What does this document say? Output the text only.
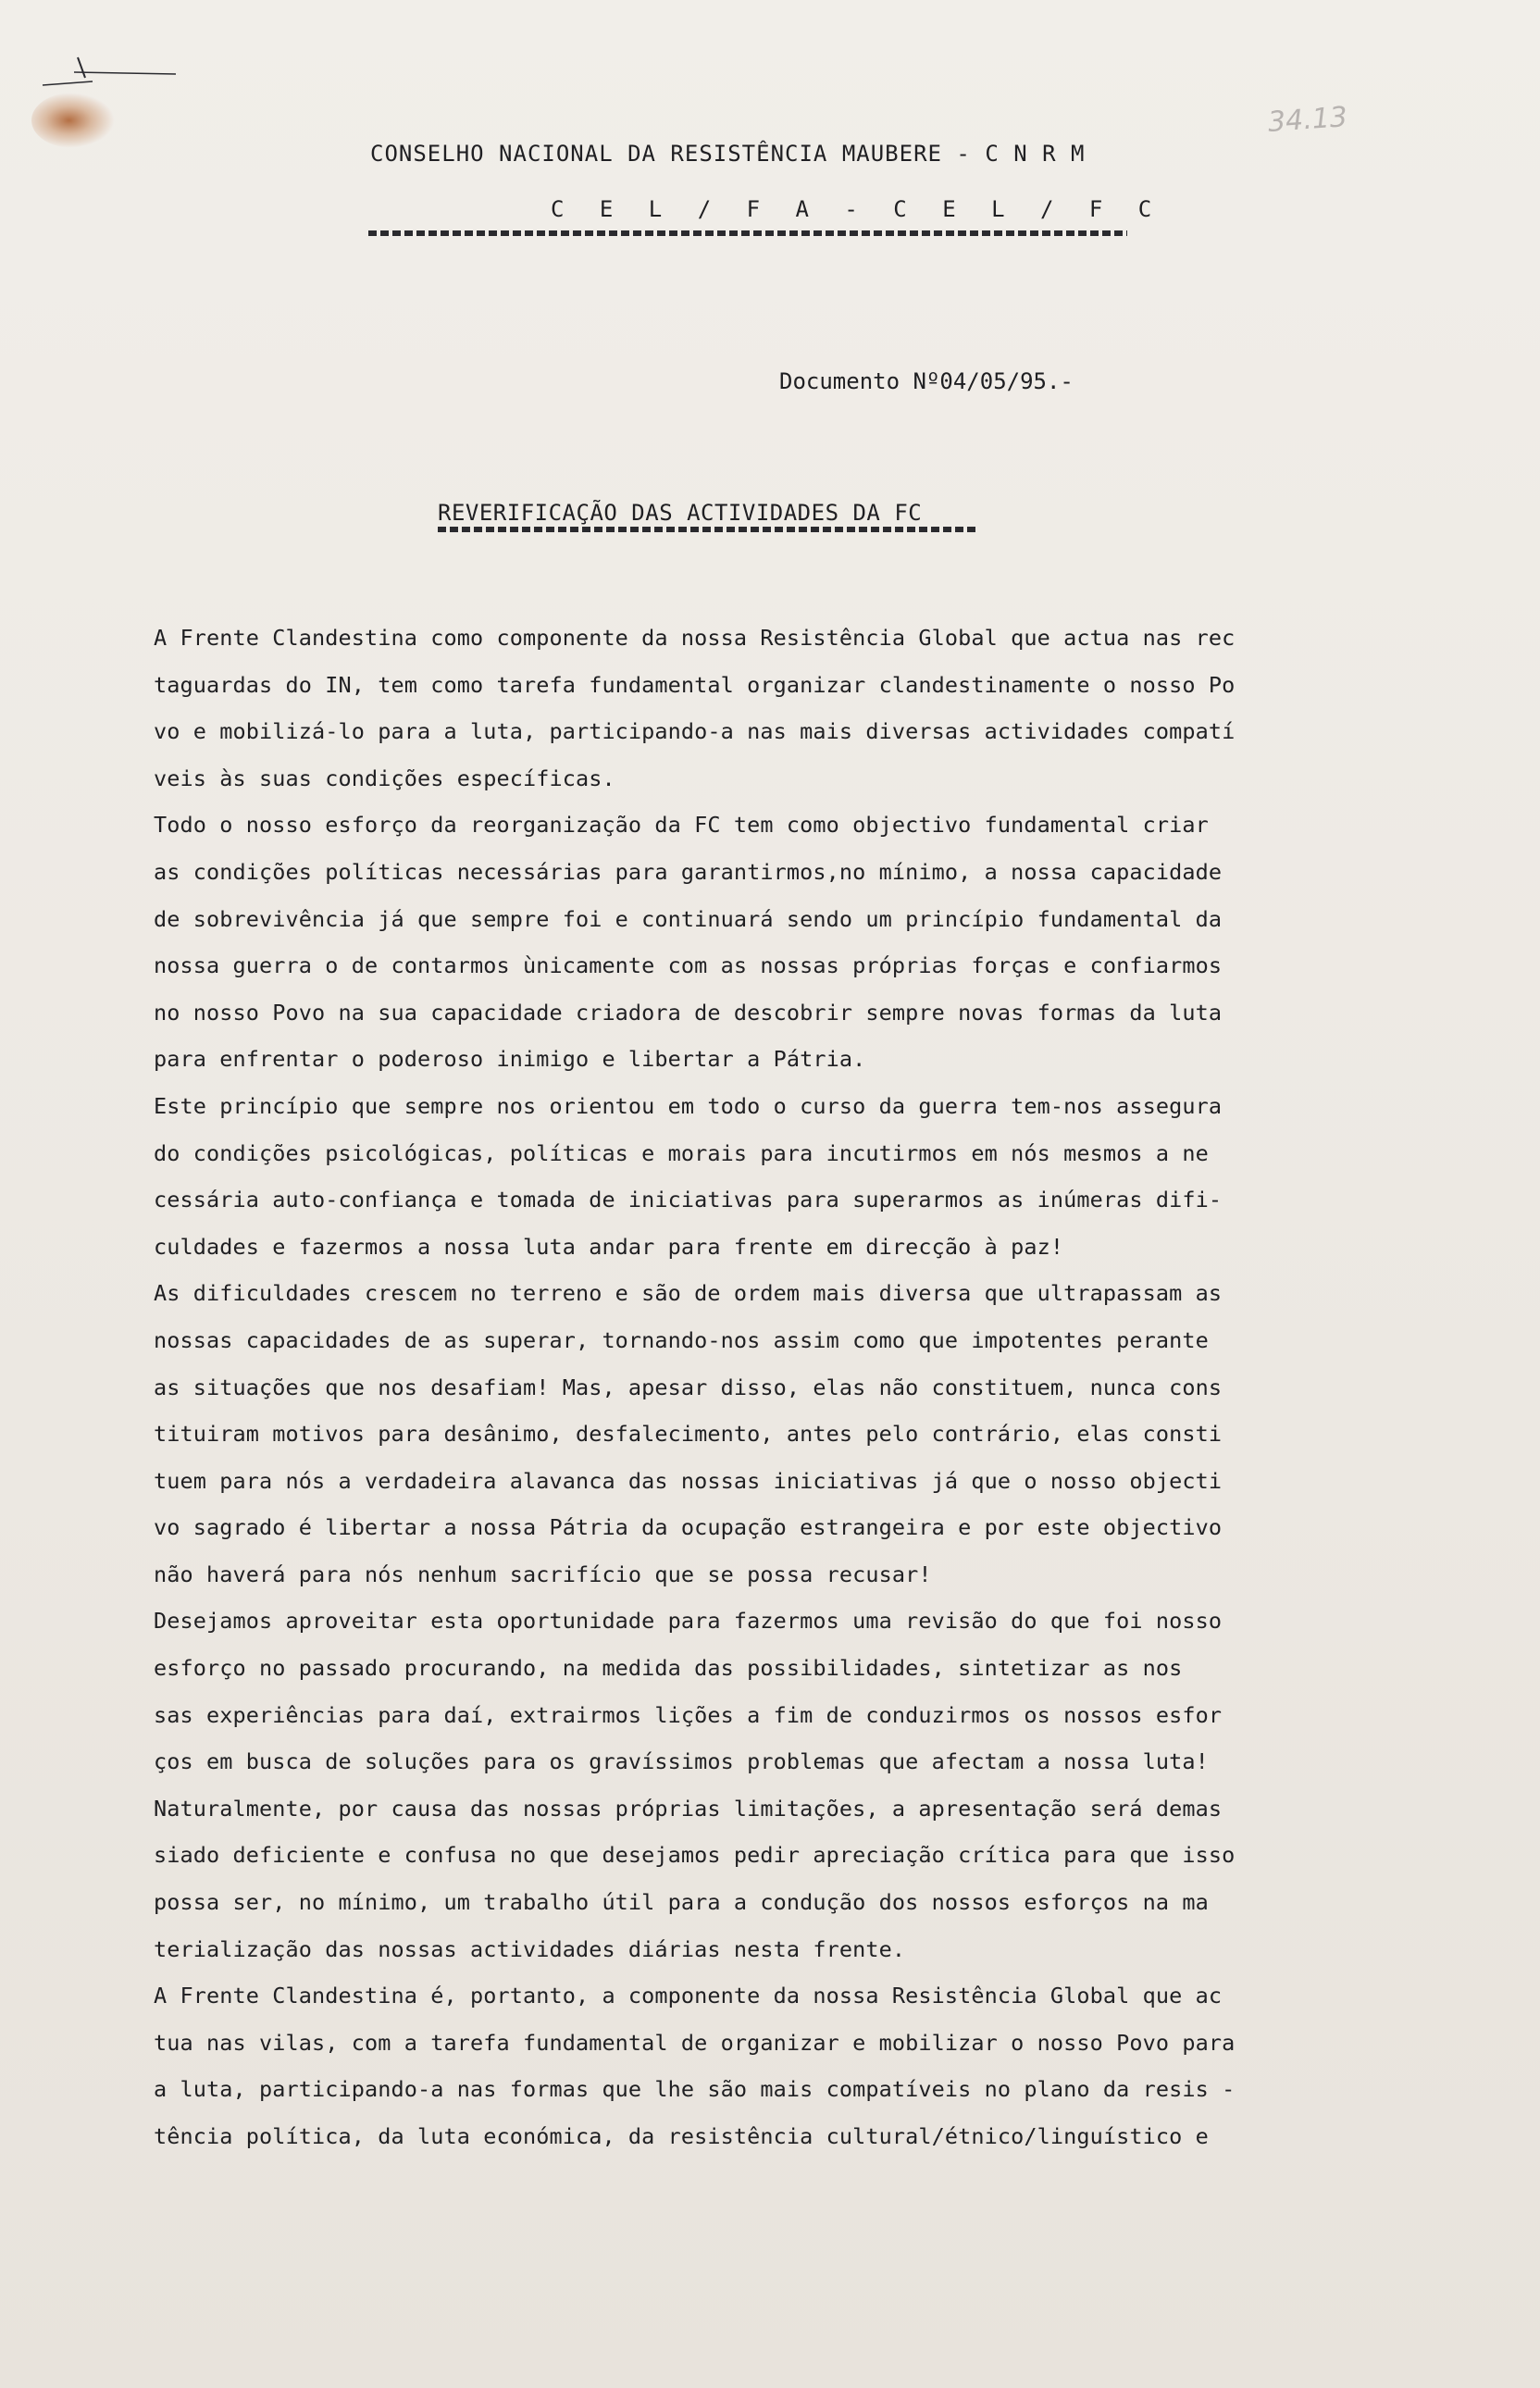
34.13
CONSELHO NACIONAL DA RESISTÊNCIA MAUBERE - C N R M
C E L / F A - C E L / F C
Documento Nº04/05/95.-
REVERIFICAÇÃO DAS ACTIVIDADES DA FC
A Frente Clandestina como componente da nossa Resistência Global que actua nas rec
taguardas do IN, tem como tarefa fundamental organizar clandestinamente o nosso Po
vo e mobilizá-lo para a luta, participando-a nas mais diversas actividades compatí
veis às suas condições específicas.
Todo o nosso esforço da reorganização da FC tem como objectivo fundamental criar
as condições políticas necessárias para garantirmos,no mínimo, a nossa capacidade
de sobrevivência já que sempre foi e continuará sendo um princípio fundamental da
nossa guerra o de contarmos ùnicamente com as nossas próprias forças e confiarmos
no nosso Povo na sua capacidade criadora de descobrir sempre novas formas da luta
para enfrentar o poderoso inimigo e libertar a Pátria.
Este princípio que sempre nos orientou em todo o curso da guerra tem-nos assegura
do condições psicológicas, políticas e morais para incutirmos em nós mesmos a ne
cessária auto-confiança e tomada de iniciativas para superarmos as inúmeras difi-
culdades e fazermos a nossa luta andar para frente em direcção à paz!
As dificuldades crescem no terreno e são de ordem mais diversa que ultrapassam as
nossas capacidades de as superar, tornando-nos assim como que impotentes perante
as situações que nos desafiam! Mas, apesar disso, elas não constituem, nunca cons
tituiram motivos para desânimo, desfalecimento, antes pelo contrário, elas consti
tuem para nós a verdadeira alavanca das nossas iniciativas já que o nosso objecti
vo sagrado é libertar a nossa Pátria da ocupação estrangeira e por este objectivo
não haverá para nós nenhum sacrifício que se possa recusar!
Desejamos aproveitar esta oportunidade para fazermos uma revisão do que foi nosso
esforço no passado procurando, na medida das possibilidades, sintetizar as nos
sas experiências para daí, extrairmos lições a fim de conduzirmos os nossos esfor
ços em busca de soluções para os gravíssimos problemas que afectam a nossa luta!
Naturalmente, por causa das nossas próprias limitações, a apresentação será demas
siado deficiente e confusa no que desejamos pedir apreciação crítica para que isso
possa ser, no mínimo, um trabalho útil para a condução dos nossos esforços na ma
terialização das nossas actividades diárias nesta frente.
A Frente Clandestina é, portanto, a componente da nossa Resistência Global que ac
tua nas vilas, com a tarefa fundamental de organizar e mobilizar o nosso Povo para
a luta, participando-a nas formas que lhe são mais compatíveis no plano da resis -
tência política, da luta económica, da resistência cultural/étnico/linguístico e
